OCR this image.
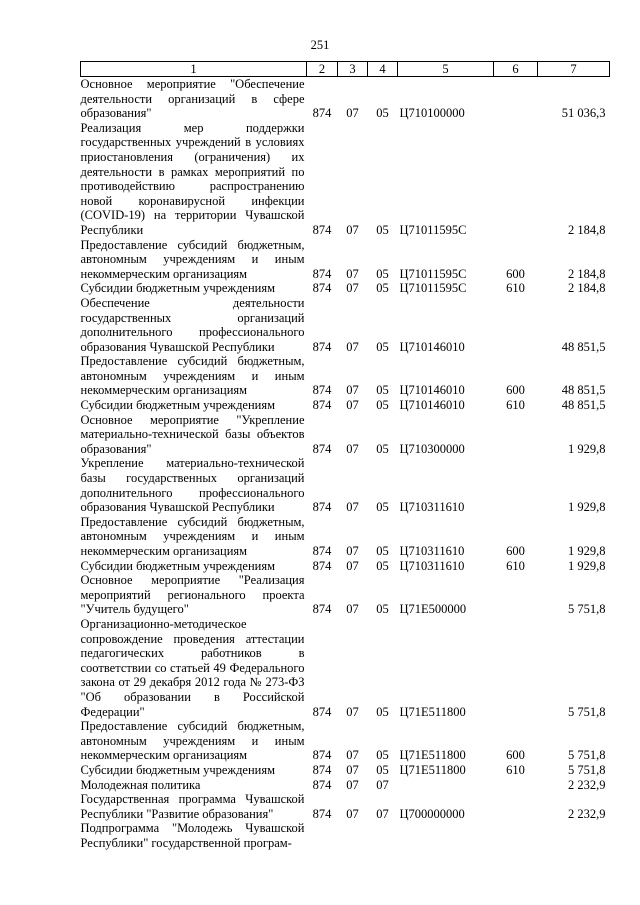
251
1	2	3	4	5	6	7
Основное мероприятие "Обеспечение деятельности организаций в сфере образования"	874	07	05	Ц710100000		51 036,3
Реализация мер поддержки государственных учреждений в условиях приостановления (ограничения) их деятельности в рамках мероприятий по противодействию распространению новой коронавирусной инфекции (COVID-19) на территории Чувашской Республики	874	07	05	Ц71011595С		2 184,8
Предоставление субсидий бюджетным, автономным учреждениям и иным некоммерческим организациям	874	07	05	Ц71011595С	600	2 184,8
Субсидии бюджетным учреждениям	874	07	05	Ц71011595С	610	2 184,8
Обеспечение деятельности государственных организаций дополнительного профессионального образования Чувашской Республики	874	07	05	Ц710146010		48 851,5
Предоставление субсидий бюджетным, автономным учреждениям и иным некоммерческим организациям	874	07	05	Ц710146010	600	48 851,5
Субсидии бюджетным учреждениям	874	07	05	Ц710146010	610	48 851,5
Основное мероприятие "Укрепление материально-технической базы объектов образования"	874	07	05	Ц710300000		1 929,8
Укрепление материально-технической базы государственных организаций дополнительного профессионального образования Чувашской Республики	874	07	05	Ц710311610		1 929,8
Предоставление субсидий бюджетным, автономным учреждениям и иным некоммерческим организациям	874	07	05	Ц710311610	600	1 929,8
Субсидии бюджетным учреждениям	874	07	05	Ц710311610	610	1 929,8
Основное мероприятие "Реализация мероприятий регионального проекта "Учитель будущего"	874	07	05	Ц71Е500000		5 751,8
Организационно-методическое сопровождение проведения аттестации педагогических работников в соответствии со статьей 49 Федерального закона от 29 декабря 2012 года № 273-ФЗ "Об образовании в Российской Федерации"	874	07	05	Ц71Е511800		5 751,8
Предоставление субсидий бюджетным, автономным учреждениям и иным некоммерческим организациям	874	07	05	Ц71Е511800	600	5 751,8
Субсидии бюджетным учреждениям	874	07	05	Ц71Е511800	610	5 751,8
Молодежная политика	874	07	07			2 232,9
Государственная программа Чувашской Республики "Развитие образования"	874	07	07	Ц700000000		2 232,9
Подпрограмма "Молодежь Чувашской Республики" государственной програм-						
